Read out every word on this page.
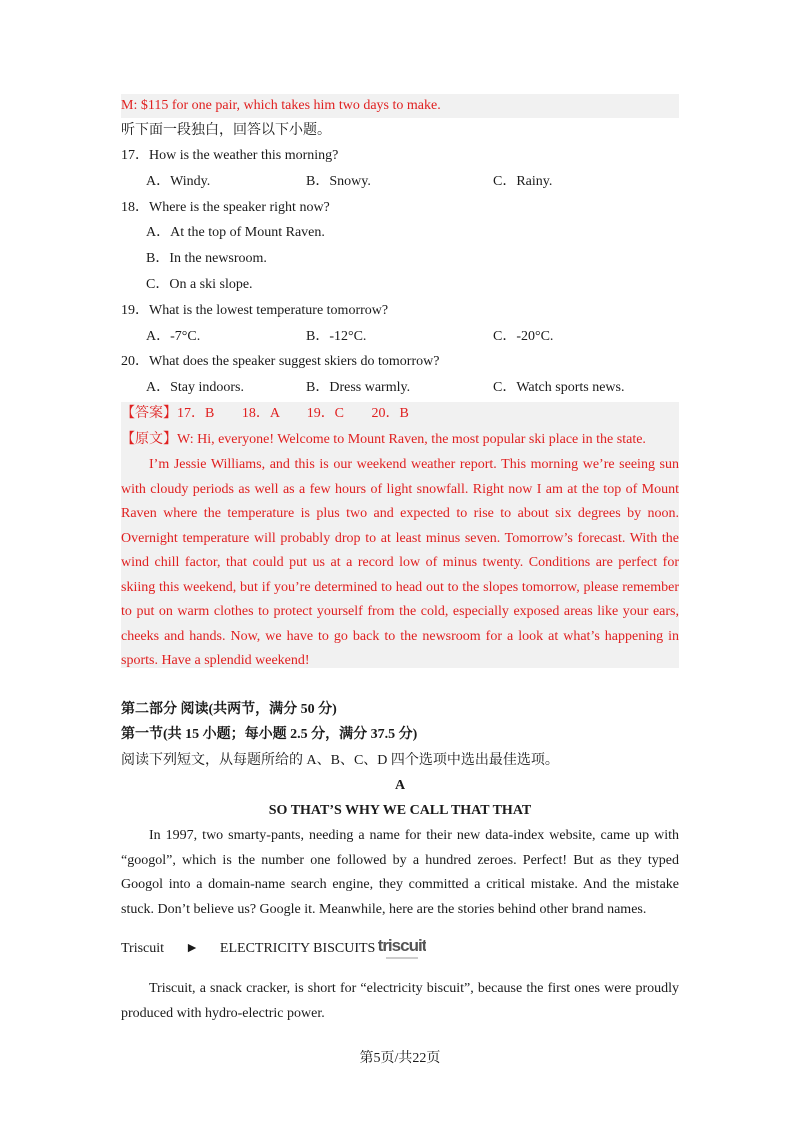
M: $115 for one pair, which takes him two days to make.
听下面一段独白，回答以下小题。
17．How is the weather this morning?
A．Windy.	B．Snowy.	C．Rainy.
18．Where is the speaker right now?
A．At the top of Mount Raven.
B．In the newsroom.
C．On a ski slope.
19．What is the lowest temperature tomorrow?
A．-7°C.	B．-12°C.	C．-20°C.
20．What does the speaker suggest skiers do tomorrow?
A．Stay indoors.	B．Dress warmly.	C．Watch sports news.
【答案】17．B 18．A 19．C 20．B
【原文】W: Hi, everyone! Welcome to Mount Raven, the most popular ski place in the state.

I’m Jessie Williams, and this is our weekend weather report. This morning we’re seeing sun with cloudy periods as well as a few hours of light snowfall. Right now I am at the top of Mount Raven where the temperature is plus two and expected to rise to about six degrees by noon. Overnight temperature will probably drop to at least minus seven. Tomorrow’s forecast. With the wind chill factor, that could put us at a record low of minus twenty. Conditions are perfect for skiing this weekend, but if you’re determined to head out to the slopes tomorrow, please remember to put on warm clothes to protect yourself from the cold, especially exposed areas like your ears, cheeks and hands. Now, we have to go back to the newsroom for a look at what’s happening in sports. Have a splendid weekend!

第二部分 阅读(共两节，满分 50 分)
第一节(共 15 小题；每小题 2.5 分，满分 37.5 分)
阅读下列短文，从每题所给的 A、B、C、D 四个选项中选出最佳选项。
A
SO THAT’S WHY WE CALL THAT THAT

In 1997, two smarty-pants, needing a name for their new data-index website, came up with “googol”, which is the number one followed by a hundred zeroes. Perfect! But as they typed Googol into a domain-name search engine, they committed a critical mistake. And the mistake stuck. Don’t believe us? Google it. Meanwhile, here are the stories behind other brand names.

Triscuit ► ELECTRICITY BISCUITS triscuit

Triscuit, a snack cracker, is short for “electricity biscuit”, because the first ones were proudly produced with hydro-electric power.

第5页/共22页
